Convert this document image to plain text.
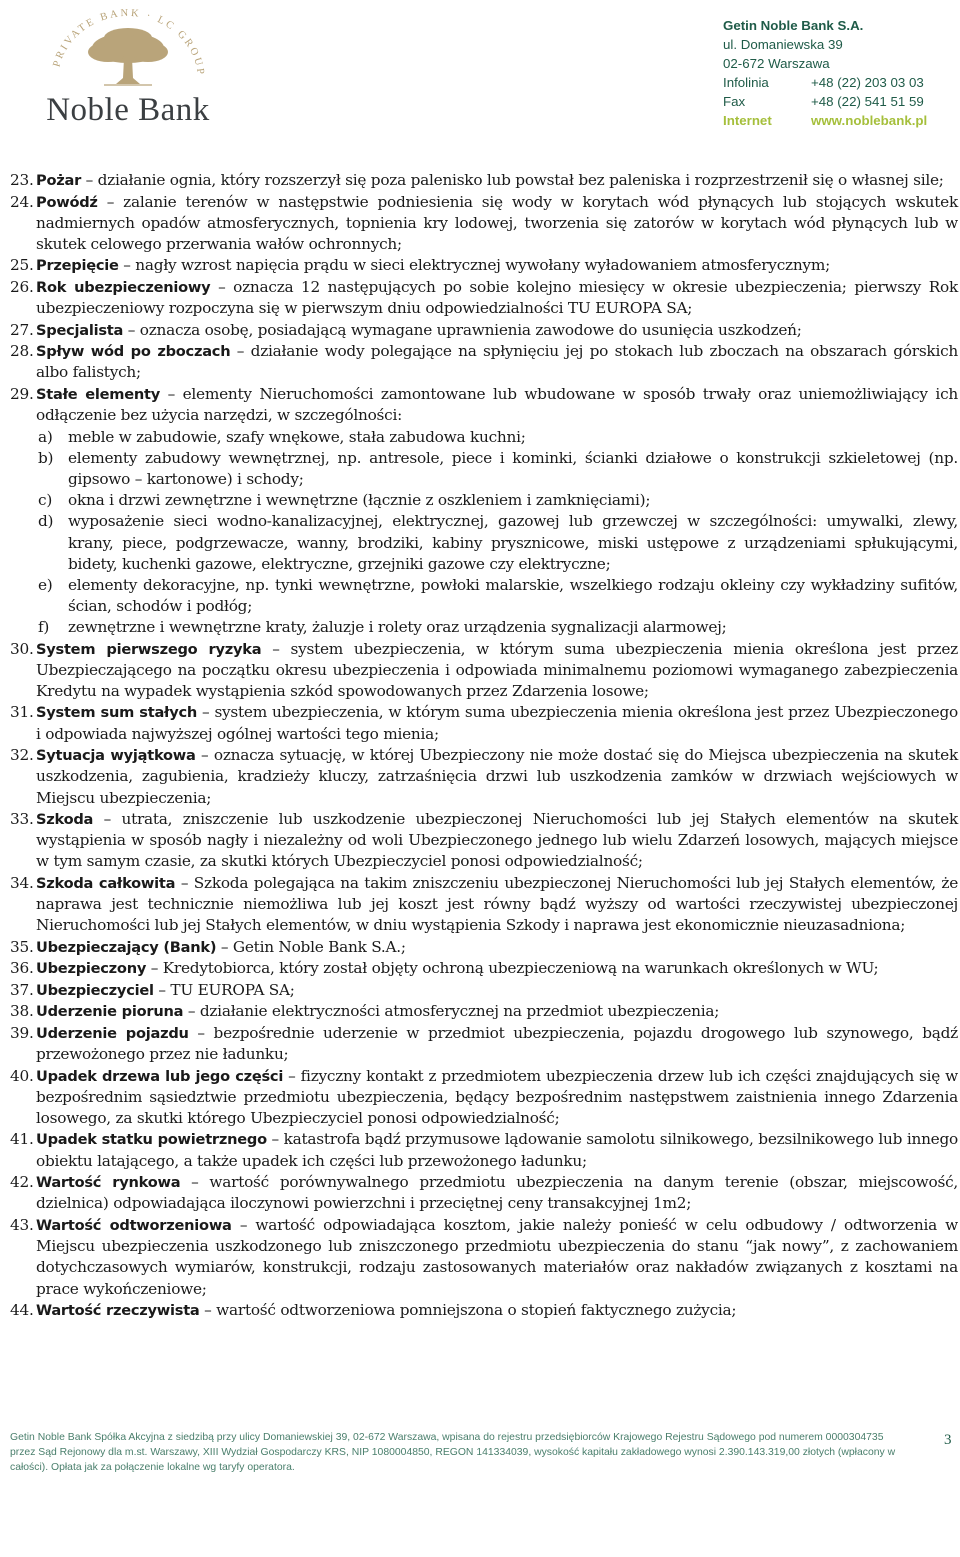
PRIVATE BANK · LC GROUP
Noble Bank
Getin Noble Bank S.A.
ul. Domaniewska 39
02-672 Warszawa
Infolinia	+48 (22) 203 03 03
Fax	+48 (22) 541 51 59
Internet	www.noblebank.pl
23. Pożar – działanie ognia, który rozszerzył się poza palenisko lub powstał bez paleniska i rozprzestrzenił się o własnej sile;
24. Powódź – zalanie terenów w następstwie podniesienia się wody w korytach wód płynących lub stojących wskutek nadmiernych opadów atmosferycznych, topnienia kry lodowej, tworzenia się zatorów w korytach wód płynących lub w skutek celowego przerwania wałów ochronnych;
25. Przepięcie – nagły wzrost napięcia prądu w sieci elektrycznej wywołany wyładowaniem atmosferycznym;
26. Rok ubezpieczeniowy – oznacza 12 następujących po sobie kolejno miesięcy w okresie ubezpieczenia; pierwszy Rok ubezpieczeniowy rozpoczyna się w pierwszym dniu odpowiedzialności TU EUROPA SA;
27. Specjalista – oznacza osobę, posiadającą wymagane uprawnienia zawodowe do usunięcia uszkodzeń;
28. Spływ wód po zboczach – działanie wody polegające na spłynięciu jej po stokach lub zboczach na obszarach górskich albo falistych;
29. Stałe elementy – elementy Nieruchomości zamontowane lub wbudowane w sposób trwały oraz uniemożliwiający ich odłączenie bez użycia narzędzi, w szczególności:
a) meble w zabudowie, szafy wnękowe, stała zabudowa kuchni;
b) elementy zabudowy wewnętrznej, np. antresole, piece i kominki, ścianki działowe o konstrukcji szkieletowej (np. gipsowo – kartonowe) i schody;
c) okna i drzwi zewnętrzne i wewnętrzne (łącznie z oszkleniem i zamknięciami);
d) wyposażenie sieci wodno-kanalizacyjnej, elektrycznej, gazowej lub grzewczej w szczególności: umywalki, zlewy, krany, piece, podgrzewacze, wanny, brodziki, kabiny prysznicowe, miski ustępowe z urządzeniami spłukującymi, bidety, kuchenki gazowe, elektryczne, grzejniki gazowe czy elektryczne;
e) elementy dekoracyjne, np. tynki wewnętrzne, powłoki malarskie, wszelkiego rodzaju okleiny czy wykładziny sufitów, ścian, schodów i podłóg;
f) zewnętrzne i wewnętrzne kraty, żaluzje i rolety oraz urządzenia sygnalizacji alarmowej;
30. System pierwszego ryzyka – system ubezpieczenia, w którym suma ubezpieczenia mienia określona jest przez Ubezpieczającego na początku okresu ubezpieczenia i odpowiada minimalnemu poziomowi wymaganego zabezpieczenia Kredytu na wypadek wystąpienia szkód spowodowanych przez Zdarzenia losowe;
31. System sum stałych – system ubezpieczenia, w którym suma ubezpieczenia mienia określona jest przez Ubezpieczonego i odpowiada najwyższej ogólnej wartości tego mienia;
32. Sytuacja wyjątkowa – oznacza sytuację, w której Ubezpieczony nie może dostać się do Miejsca ubezpieczenia na skutek uszkodzenia, zagubienia, kradzieży kluczy, zatrzaśnięcia drzwi lub uszkodzenia zamków w drzwiach wejściowych w Miejscu ubezpieczenia;
33. Szkoda – utrata, zniszczenie lub uszkodzenie ubezpieczonej Nieruchomości lub jej Stałych elementów na skutek wystąpienia w sposób nagły i niezależny od woli Ubezpieczonego jednego lub wielu Zdarzeń losowych, mających miejsce w tym samym czasie, za skutki których Ubezpieczyciel ponosi odpowiedzialność;
34. Szkoda całkowita – Szkoda polegająca na takim zniszczeniu ubezpieczonej Nieruchomości lub jej Stałych elementów, że naprawa jest technicznie niemożliwa lub jej koszt jest równy bądź wyższy od wartości rzeczywistej ubezpieczonej Nieruchomości lub jej Stałych elementów, w dniu wystąpienia Szkody i naprawa jest ekonomicznie nieuzasadniona;
35. Ubezpieczający (Bank) – Getin Noble Bank S.A.;
36. Ubezpieczony – Kredytobiorca, który został objęty ochroną ubezpieczeniową na warunkach określonych w WU;
37. Ubezpieczyciel – TU EUROPA SA;
38. Uderzenie pioruna – działanie elektryczności atmosferycznej na przedmiot ubezpieczenia;
39. Uderzenie pojazdu – bezpośrednie uderzenie w przedmiot ubezpieczenia, pojazdu drogowego lub szynowego, bądź przewożonego przez nie ładunku;
40. Upadek drzewa lub jego części – fizyczny kontakt z przedmiotem ubezpieczenia drzew lub ich części znajdujących się w bezpośrednim sąsiedztwie przedmiotu ubezpieczenia, będący bezpośrednim następstwem zaistnienia innego Zdarzenia losowego, za skutki którego Ubezpieczyciel ponosi odpowiedzialność;
41. Upadek statku powietrznego – katastrofa bądź przymusowe lądowanie samolotu silnikowego, bezsilnikowego lub innego obiektu latającego, a także upadek ich części lub przewożonego ładunku;
42. Wartość rynkowa – wartość porównywalnego przedmiotu ubezpieczenia na danym terenie (obszar, miejscowość, dzielnica) odpowiadająca iloczynowi powierzchni i przeciętnej ceny transakcyjnej 1m2;
43. Wartość odtworzeniowa – wartość odpowiadająca kosztom, jakie należy ponieść w celu odbudowy / odtworzenia w Miejscu ubezpieczenia uszkodzonego lub zniszczonego przedmiotu ubezpieczenia do stanu “jak nowy”, z zachowaniem dotychczasowych wymiarów, konstrukcji, rodzaju zastosowanych materiałów oraz nakładów związanych z kosztami na prace wykończeniowe;
44. Wartość rzeczywista – wartość odtworzeniowa pomniejszona o stopień faktycznego zużycia;
Getin Noble Bank Spółka Akcyjna z siedzibą przy ulicy Domaniewskiej 39, 02-672 Warszawa, wpisana do rejestru przedsiębiorców Krajowego Rejestru Sądowego pod numerem 0000304735 przez Sąd Rejonowy dla m.st. Warszawy, XIII Wydział Gospodarczy KRS, NIP 1080004850, REGON 141334039, wysokość kapitału zakładowego wynosi 2.390.143.319,00 złotych (wpłacony w całości). Opłata jak za połączenie lokalne wg taryfy operatora.
3
